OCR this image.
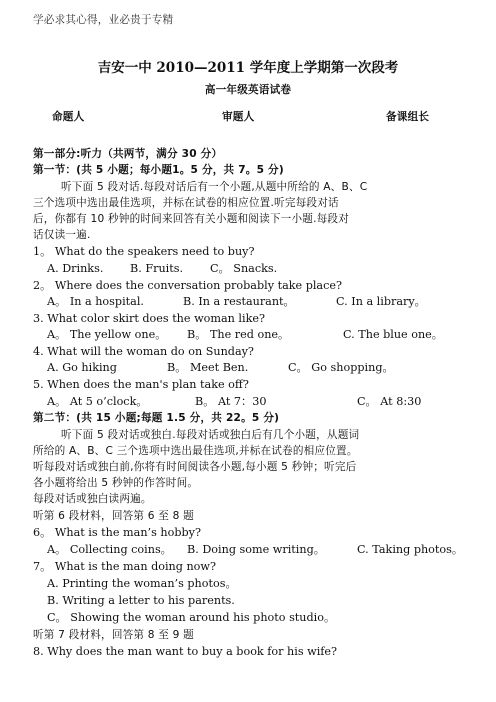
学必求其心得，业必贵于专精
吉安一中 2010—2011 学年度上学期第一次段考
高一年级英语试卷
命题人	审题人	备课组长
第一部分:听力（共两节，满分 30 分）
第一节：(共 5 小题；每小题1。5 分，共 7。5 分)
听下面 5 段对话.每段对话后有一个小题,从题中所给的 A、B、C
三个选项中选出最佳选项，并标在试卷的相应位置.听完每段对话
后，你都有 10 秒钟的时间来回答有关小题和阅读下一小题.每段对
话仅读一遍.
1。 What do the speakers need to buy?
A. Drinks. B. Fruits. C。 Snacks.
2。 Where does the conversation probably take place?
A。 In a hospital.	B. In a restaurant。	C. In a library。
3. What color skirt does the woman like?
A。 The yellow one。 B。 The red one。	C. The blue one。
4. What will the woman do on Sunday?
A. Go hiking	B。 Meet Ben.	C。 Go shopping。
5. When does the man's plan take off?
A。 At 5 o’clock。	B。 At 7：30	C。 At 8:30
第二节：(共 15 小题;每题 1.5 分，共 22。5 分)
听下面 5 段对话或独白.每段对话或独白后有几个小题，从题词
所给的 A、B、C 三个选项中选出最佳选项,并标在试卷的相应位置。
听每段对话或独白前,你将有时间阅读各小题,每小题 5 秒钟；听完后
各小题将给出 5 秒钟的作答时间。
每段对话或独白读两遍。
听第 6 段材料，回答第 6 至 8 题
6。 What is the man’s hobby?
A。 Collecting coins。 B. Doing some writing。	C. Taking photos。
7。 What is the man doing now?
A. Printing the woman’s photos。
B. Writing a letter to his parents.
C。 Showing the woman around his photo studio。
听第 7 段材料，回答第 8 至 9 题
8. Why does the man want to buy a book for his wife?
